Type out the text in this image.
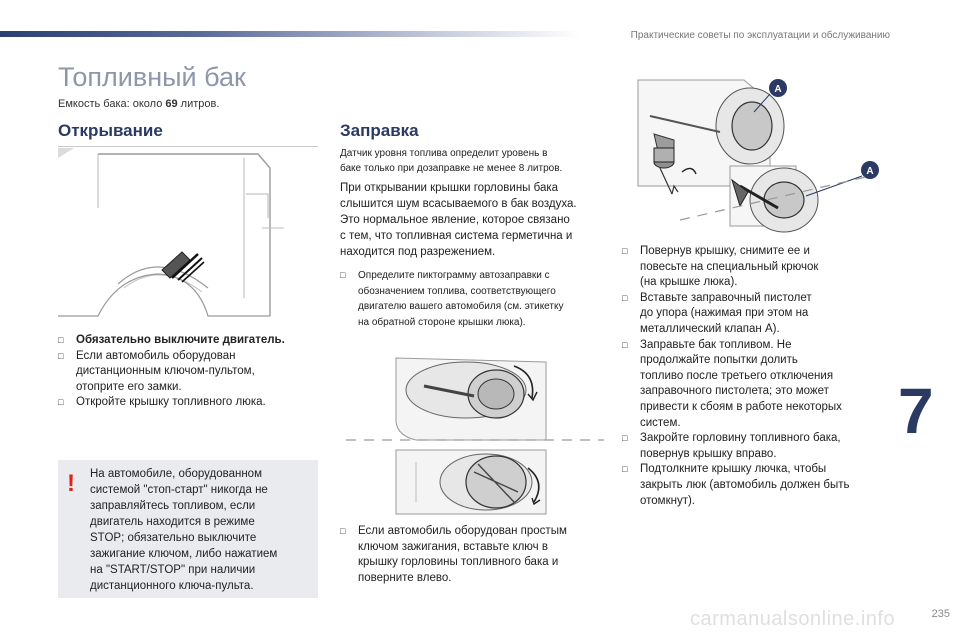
Практические советы по эксплуатации и обслуживанию
Топливный бак
Емкость бака: около 69 литров.
Открывание	Заправка
□ Обязательно выключите двигатель.
□ Если автомобиль оборудован
дистанционным ключом-пультом,
отоприте его замки.
□ Откройте крышку топливного люка.
! На автомобиле, оборудованном
системой "стоп-старт" никогда не
заправляйтесь топливом, если
двигатель находится в режиме
STOP; обязательно выключите
зажигание ключом, либо нажатием
на "START/STOP" при наличии
дистанционного ключа-пульта.
Датчик уровня топлива определит уровень в
баке только при дозаправке не менее 8 литров.
При открывании крышки горловины бака
слышится шум всасываемого в бак воздуха.
Это нормальное явление, которое связано
с тем, что топливная система герметична и
находится под разрежением.
□ Определите пиктограмму автозаправки с
обозначением топлива, соответствующего
двигателю вашего автомобиля (см. этикетку
на обратной стороне крышки люка).
□ Если автомобиль оборудован простым
ключом зажигания, вставьте ключ в
крышку горловины топливного бака и
поверните влево.
A
A
□ Повернув крышку, снимите ее и
повесьте на специальный крючок
(на крышке люка).
□ Вставьте заправочный пистолет
до упора (нажимая при этом на
металлический клапан A).
□ Заправьте бак топливом. Не
продолжайте попытки долить
топливо после третьего отключения
заправочного пистолета; это может
привести к сбоям в работе некоторых
систем.
□ Закройте горловину топливного бака,
повернув крышку вправо.
□ Подтолкните крышку лючка, чтобы
закрыть люк (автомобиль должен быть
отомкнут).
7
carmanualsonline.info	235
